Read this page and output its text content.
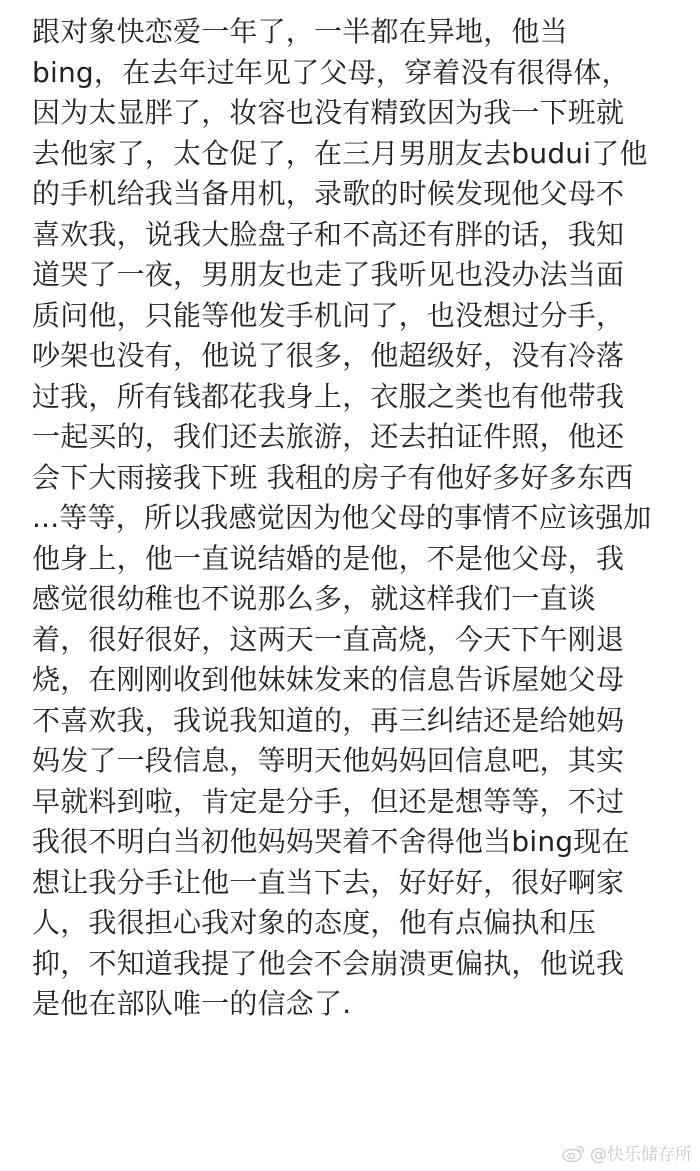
跟对象快恋爱一年了，一半都在异地，他当
bing，在去年过年见了父母，穿着没有很得体，
因为太显胖了，妆容也没有精致因为我一下班就
去他家了，太仓促了，在三月男朋友去budui了他
的手机给我当备用机，录歌的时候发现他父母不
喜欢我，说我大脸盘子和不高还有胖的话，我知
道哭了一夜，男朋友也走了我听见也没办法当面
质问他，只能等他发手机问了，也没想过分手，
吵架也没有，他说了很多，他超级好，没有冷落
过我，所有钱都花我身上，衣服之类也有他带我
一起买的，我们还去旅游，还去拍证件照，他还
会下大雨接我下班 我租的房子有他好多好多东西
...等等，所以我感觉因为他父母的事情不应该强加
他身上，他一直说结婚的是他，不是他父母，我
感觉很幼稚也不说那么多，就这样我们一直谈
着，很好很好，这两天一直高烧，今天下午刚退
烧，在刚刚收到他妹妹发来的信息告诉屋她父母
不喜欢我，我说我知道的，再三纠结还是给她妈
妈发了一段信息，等明天他妈妈回信息吧，其实
早就料到啦，肯定是分手，但还是想等等，不过
我很不明白当初他妈妈哭着不舍得他当bing现在
想让我分手让他一直当下去，好好好，很好啊家
人，我很担心我对象的态度，他有点偏执和压
抑，不知道我提了他会不会崩溃更偏执，他说我
是他在部队唯一的信念了.
@快乐储存所
